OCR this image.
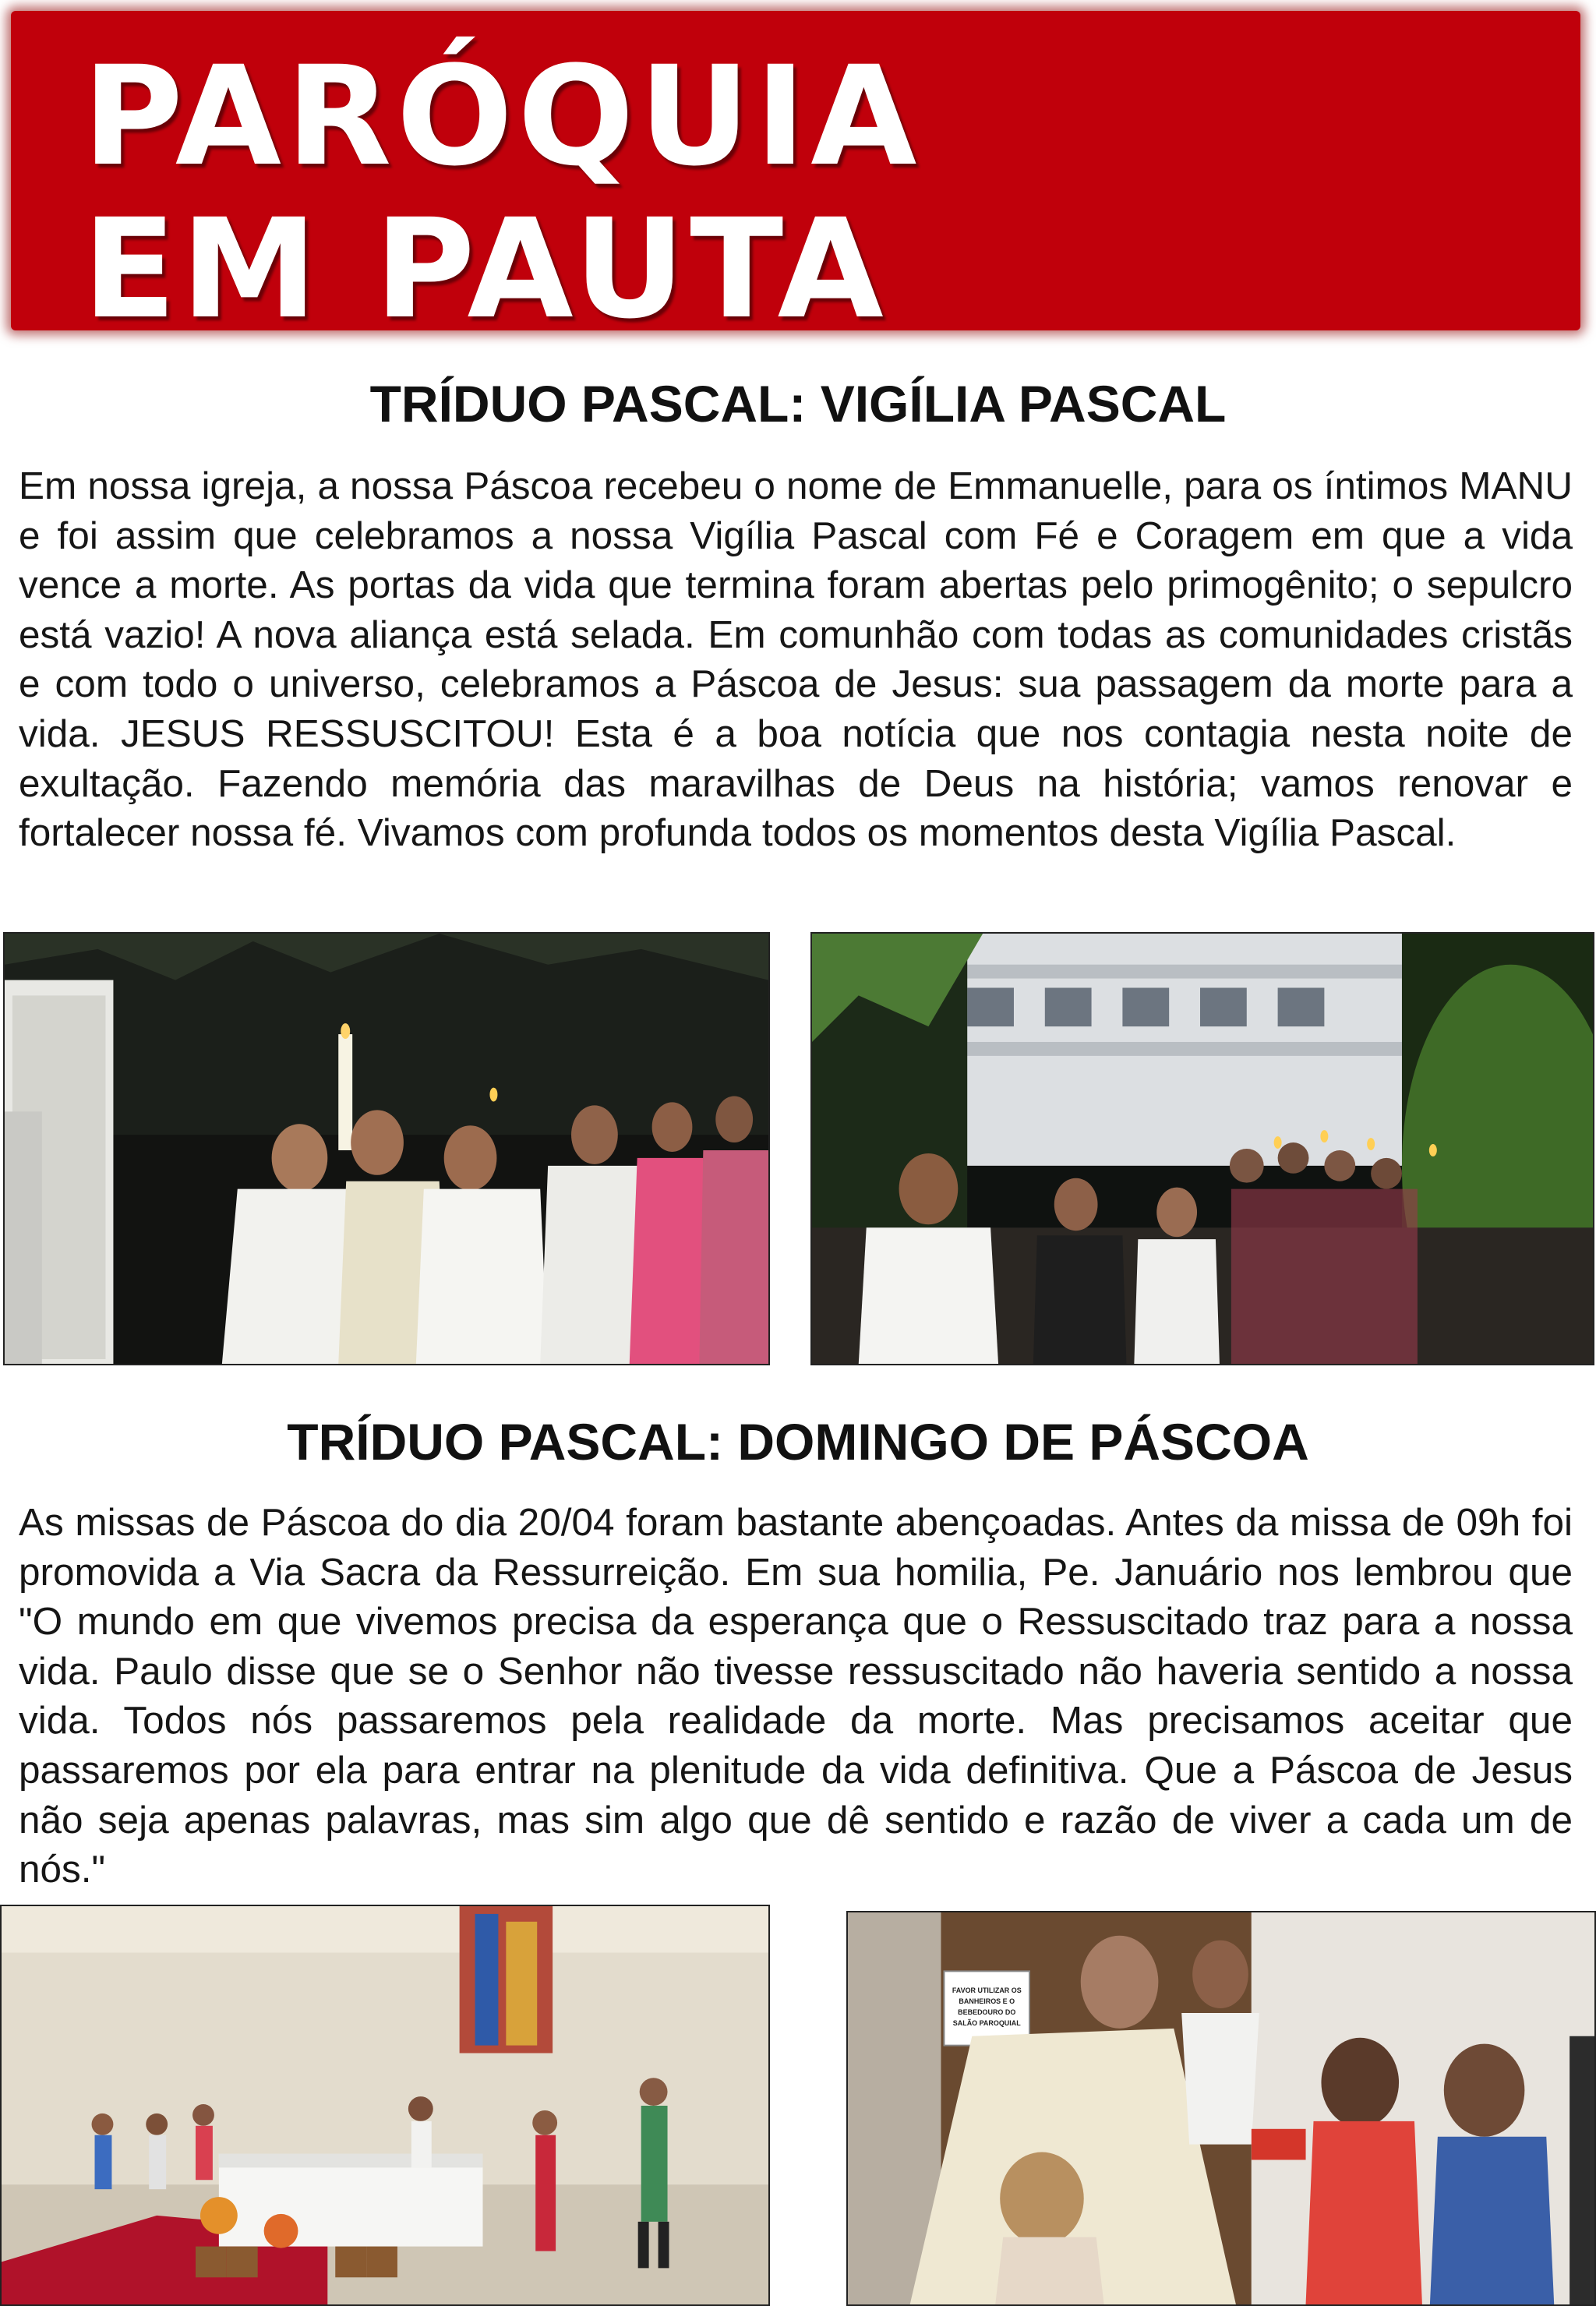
PARÓQUIA
EM PAUTA
TRÍDUO PASCAL: VIGÍLIA PASCAL

Em nossa igreja, a nossa Páscoa recebeu o nome de Emmanuelle, para os íntimos MANU e foi assim que celebramos a nossa Vigília Pascal com Fé e Coragem em que a vida vence a morte. As portas da vida que termina foram abertas pelo primogênito; o sepulcro está vazio! A nova aliança está selada. Em comunhão com todas as comunidades cristãs e com todo o universo, celebramos a Páscoa de Jesus: sua passagem da morte para a vida. JESUS RESSUSCITOU! Esta é a boa notícia que nos contagia nesta noite de exultação. Fazendo memória das maravilhas de Deus na história; vamos renovar e fortalecer nossa fé. Vivamos com profunda todos os momentos desta Vigília Pascal.

TRÍDUO PASCAL: DOMINGO DE PÁSCOA

As missas de Páscoa do dia 20/04 foram bastante abençoadas. Antes da missa de 09h foi promovida a Via Sacra da Ressurreição. Em sua homilia, Pe. Januário nos lembrou que "O mundo em que vivemos precisa da esperança que o Ressuscitado traz para a nossa vida. Paulo disse que se o Senhor não tivesse ressuscitado não haveria sentido a nossa vida. Todos nós passaremos pela realidade da morte. Mas precisamos aceitar que passaremos por ela para entrar na plenitude da vida definitiva. Que a Páscoa de Jesus não seja apenas palavras, mas sim algo que dê sentido e razão de viver a cada um de nós."

FAVOR UTILIZAR OS
BANHEIROS E O
BEBEDOURO DO
SALÃO PAROQUIAL
